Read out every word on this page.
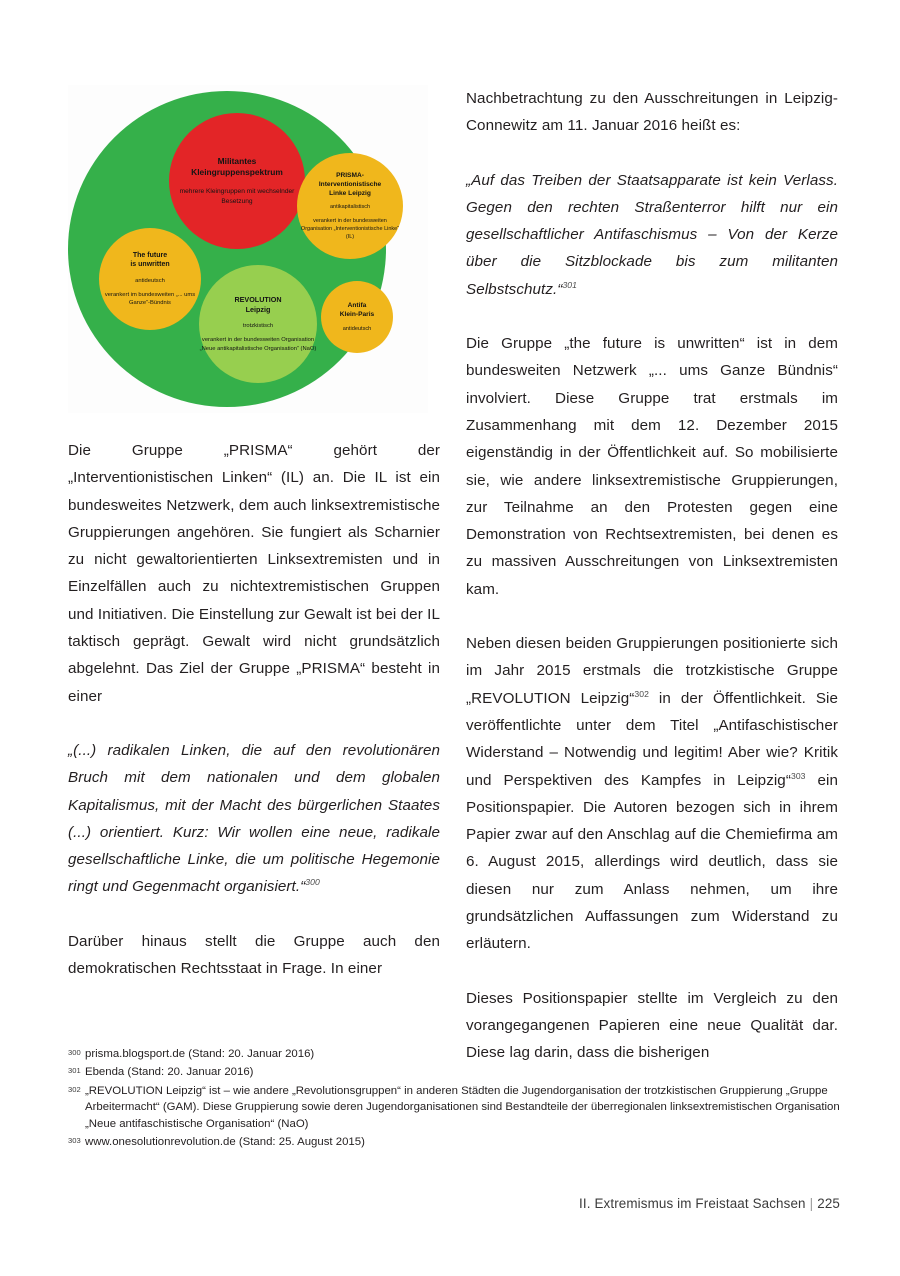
Militantes
Kleingruppenspektrum
mehrere Kleingruppen mit wechselnder Besetzung
PRISMA-
Interventionistische
Linke Leipzig
antikapitalistisch
verankert in der bundesweiten Organisation „Interventionistische Linke“ (IL)
The future
is unwritten
antideutsch
verankert im bundesweiten „... ums Ganze“-Bündnis	REVOLUTION
Leipzig
trotzkistisch
verankert in der bundesweiten Organisation „Neue antikapitalistische Organisation“ (NaO)
Antifa
Klein-Paris
antideutsch

Die Gruppe „PRISMA“ gehört der „Interventionistischen Linken“ (IL) an. Die IL ist ein bundesweites Netzwerk, dem auch linksextremistische Gruppierungen angehören. Sie fungiert als Scharnier zu nicht gewaltorientierten Linksextremisten und in Einzelfällen auch zu nichtextremistischen Gruppen und Initiativen. Die Einstellung zur Gewalt ist bei der IL taktisch geprägt. Gewalt wird nicht grundsätzlich abgelehnt. Das Ziel der Gruppe „PRISMA“ besteht in einer

„(...) radikalen Linken, die auf den revolutionären Bruch mit dem nationalen und dem globalen Kapitalismus, mit der Macht des bürgerlichen Staates (...) orientiert. Kurz: Wir wollen eine neue, radikale gesellschaftliche Linke, die um politische Hegemonie ringt und Gegenmacht organisiert.“$^{300}$

Darüber hinaus stellt die Gruppe auch den demokratischen Rechtsstaat in Frage. In einer

Nachbetrachtung zu den Ausschreitungen in Leipzig-Connewitz am 11. Januar 2016 heißt es:

„Auf das Treiben der Staatsapparate ist kein Verlass. Gegen den rechten Straßenterror hilft nur ein gesellschaftlicher Antifaschismus – Von der Kerze über die Sitzblockade bis zum militanten Selbstschutz.“$^{301}$

Die Gruppe „the future is unwritten“ ist in dem bundesweiten Netzwerk „... ums Ganze Bündnis“ involviert. Diese Gruppe trat erstmals im Zusammenhang mit dem 12. Dezember 2015 eigenständig in der Öffentlichkeit auf. So mobilisierte sie, wie andere linksextremistische Gruppierungen, zur Teilnahme an den Protesten gegen eine Demonstration von Rechtsextremisten, bei denen es zu massiven Ausschreitungen von Linksextremisten kam.

Neben diesen beiden Gruppierungen positionierte sich im Jahr 2015 erstmals die trotzkistische Gruppe „REVOLUTION Leipzig“$^{302}$ in der Öffentlichkeit. Sie veröffentlichte unter dem Titel „Antifaschistischer Widerstand – Notwendig und legitim! Aber wie? Kritik und Perspektiven des Kampfes in Leipzig“$^{303}$ ein Positionspapier. Die Autoren bezogen sich in ihrem Papier zwar auf den Anschlag auf die Chemiefirma am 6. August 2015, allerdings wird deutlich, dass sie diesen nur zum Anlass nehmen, um ihre grundsätzlichen Auffassungen zum Widerstand zu erläutern.

Dieses Positionspapier stellte im Vergleich zu den vorangegangenen Papieren eine neue Qualität dar. Diese lag darin, dass die bisherigen

300 prisma.blogsport.de (Stand: 20. Januar 2016)
301 Ebenda (Stand: 20. Januar 2016)
302 „REVOLUTION Leipzig“ ist – wie andere „Revolutionsgruppen“ in anderen Städten die Jugendorganisation der trotzkistischen Gruppierung „Gruppe Arbeitermacht“ (GAM). Diese Gruppierung sowie deren Jugendorganisationen sind Bestandteile der überregionalen linksextremistischen Organisation „Neue antifaschistische Organisation“ (NaO)
303 www.onesolutionrevolution.de (Stand: 25. August 2015)
II. Extremismus im Freistaat Sachsen | 225
